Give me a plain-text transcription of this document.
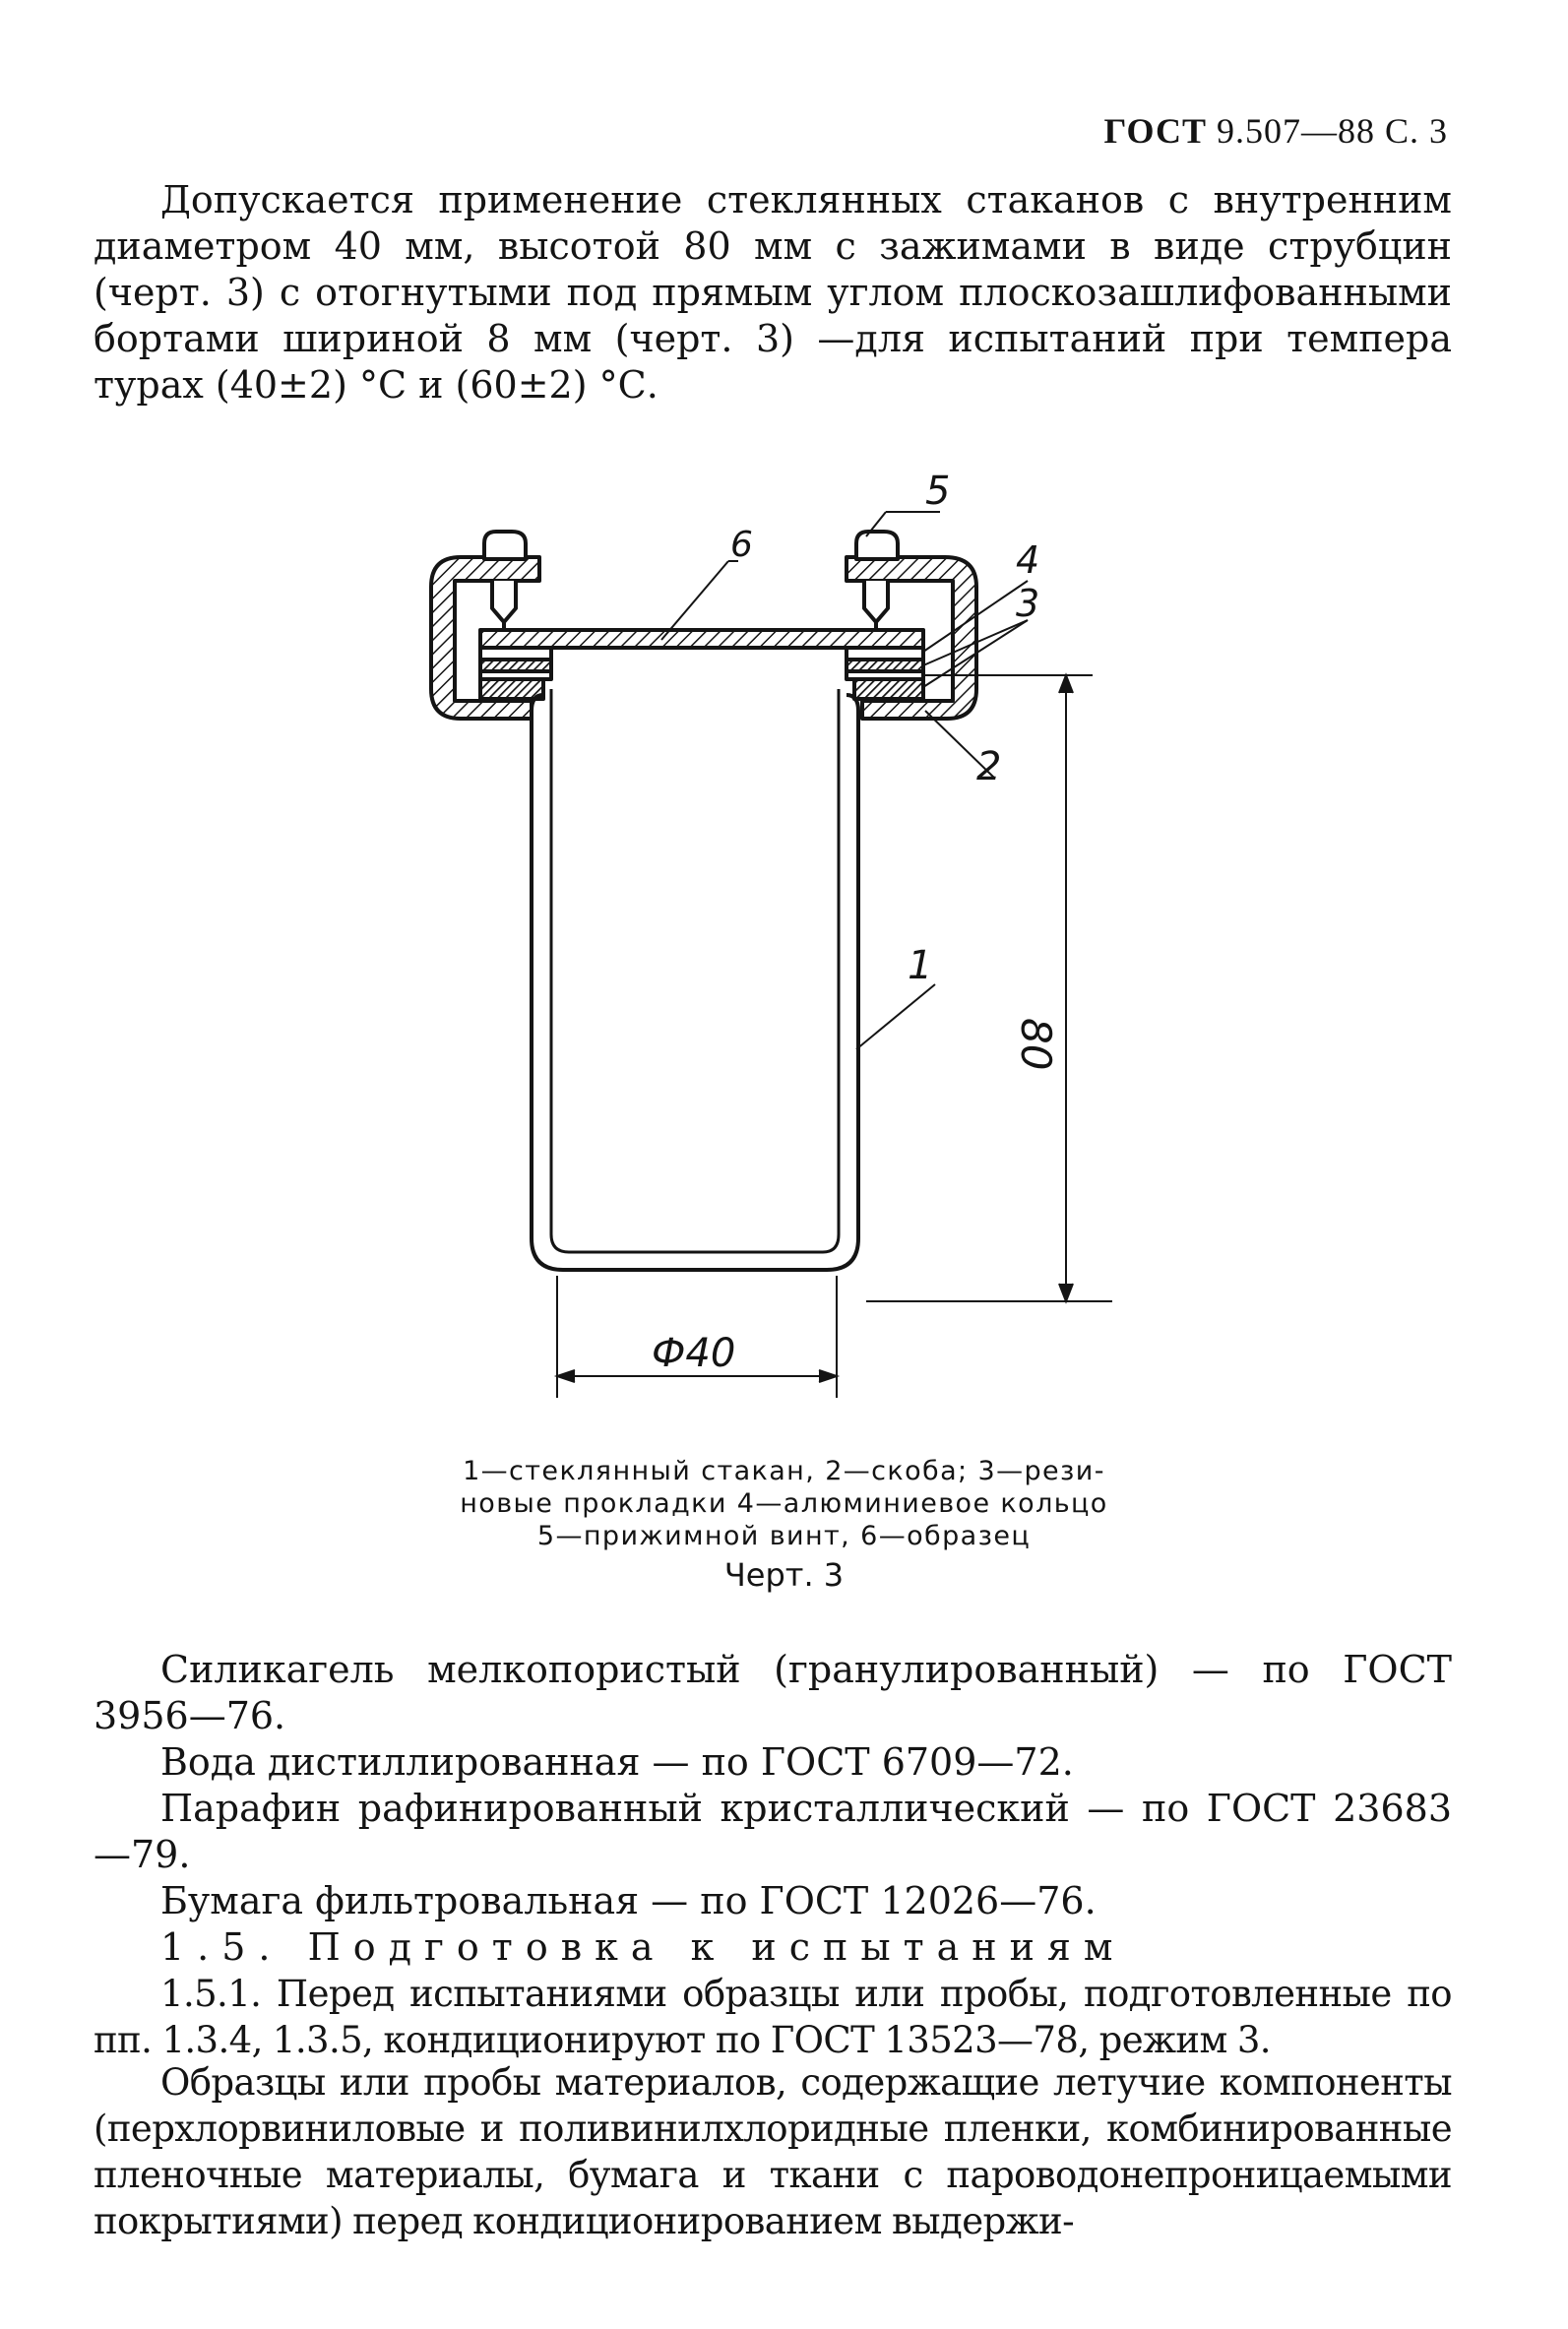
ГОСТ 9.507—88 С. 3

Допускается применение стеклянных стаканов с внутренним диаметром 40 мм, высотой 80 мм с зажимами в виде струбцин (черт. 3) с отогнутыми под прямым углом плоскозашлифованными бортами шириной 8 мм (черт. 3) —для испытаний при темпера турах (40±2) °С и (60±2) °С.

5
6	4
3
2
1
80
Ф40
1—стеклянный стакан, 2—скоба; 3—рези-
новые прокладки 4—алюминиевое кольцо
5—прижимной винт, 6—образец
Черт. 3

Силикагель мелкопористый (гранулированный) — по ГОСТ 3956—76.

Вода дистиллированная — по ГОСТ 6709—72.

Парафин рафинированный кристаллический — по ГОСТ 23683—79.

Бумага фильтровальная — по ГОСТ 12026—76.

1.5. Подготовка к испытаниям

1.5.1. Перед испытаниями образцы или пробы, подготовленные по пп. 1.3.4, 1.3.5, кондиционируют по ГОСТ 13523—78, режим 3.

Образцы или пробы материалов, содержащие летучие компоненты (перхлорвиниловые и поливинилхлоридные пленки, комбинированные пленочные материалы, бумага и ткани с пароводонепроницаемыми покрытиями) перед кондиционированием выдержи-
